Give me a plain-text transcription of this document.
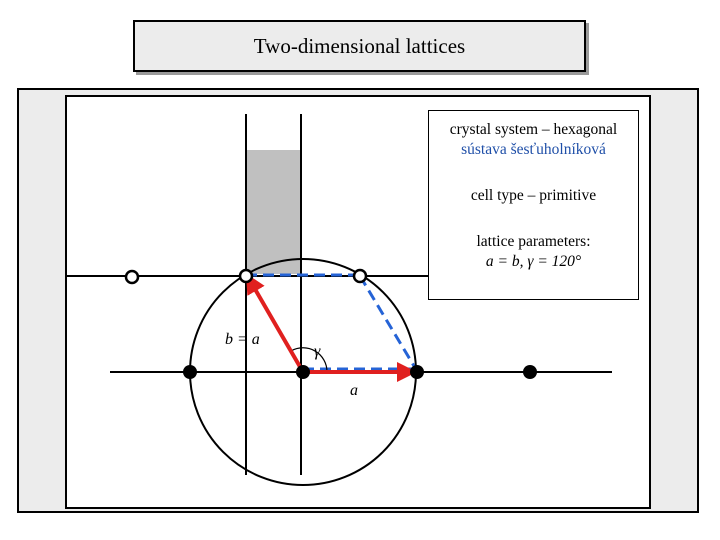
Two-dimensional lattices
b = a
γ
a
crystal system – hexagonal
sústava šesťuholníková
cell type – primitive
lattice parameters:
a = b, γ = 120°
